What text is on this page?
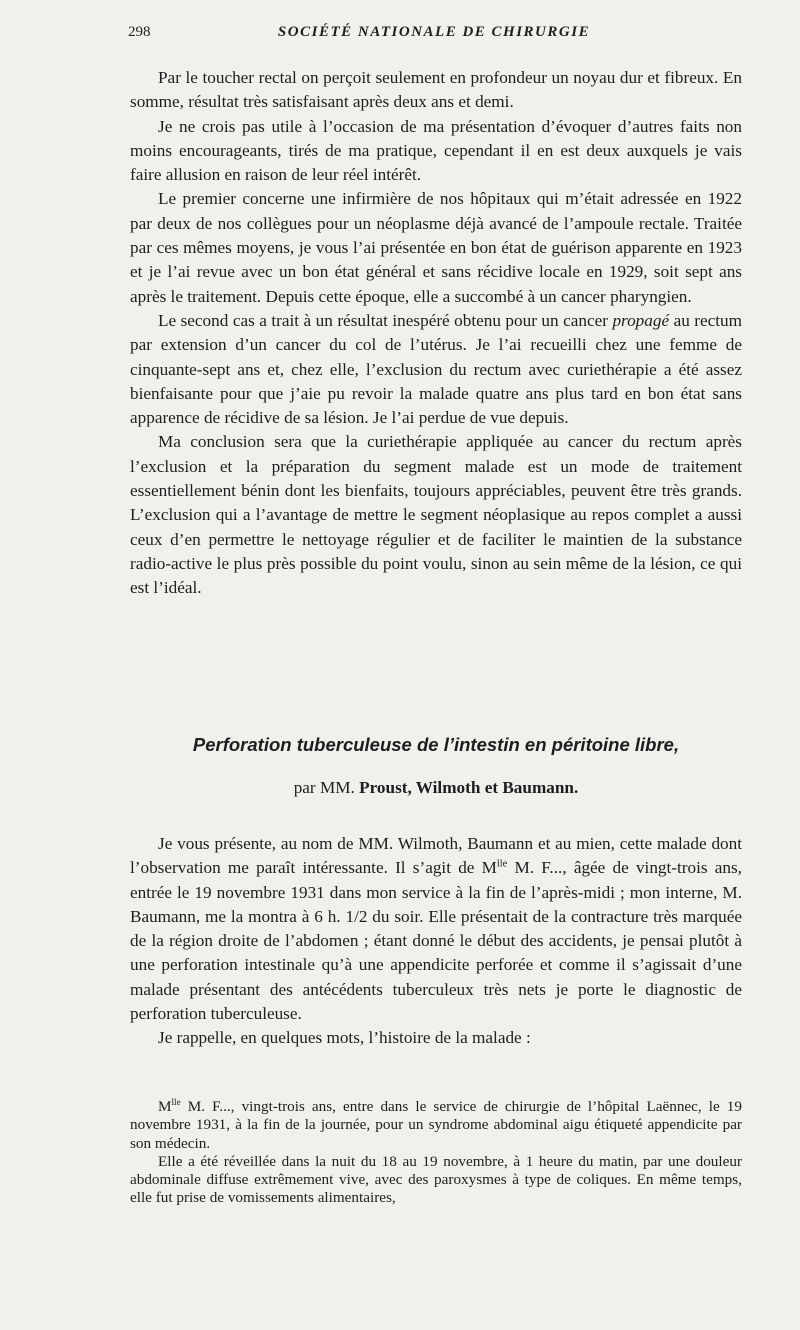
298	SOCIÉTÉ NATIONALE DE CHIRURGIE

Par le toucher rectal on perçoit seulement en profondeur un noyau dur et fibreux. En somme, résultat très satisfaisant après deux ans et demi.

Je ne crois pas utile à l’occasion de ma présentation d’évoquer d’autres faits non moins encourageants, tirés de ma pratique, cependant il en est deux auxquels je vais faire allusion en raison de leur réel intérêt.

Le premier concerne une infirmière de nos hôpitaux qui m’était adressée en 1922 par deux de nos collègues pour un néoplasme déjà avancé de l’ampoule rectale. Traitée par ces mêmes moyens, je vous l’ai présentée en bon état de guérison apparente en 1923 et je l’ai revue avec un bon état général et sans récidive locale en 1929, soit sept ans après le traitement. Depuis cette époque, elle a succombé à un cancer pharyngien.

Le second cas a trait à un résultat inespéré obtenu pour un cancer propagé au rectum par extension d’un cancer du col de l’utérus. Je l’ai recueilli chez une femme de cinquante-sept ans et, chez elle, l’exclusion du rectum avec curiethérapie a été assez bienfaisante pour que j’aie pu revoir la malade quatre ans plus tard en bon état sans apparence de récidive de sa lésion. Je l’ai perdue de vue depuis.

Ma conclusion sera que la curiethérapie appliquée au cancer du rectum après l’exclusion et la préparation du segment malade est un mode de traitement essentiellement bénin dont les bienfaits, toujours appréciables, peuvent être très grands. L’exclusion qui a l’avantage de mettre le segment néoplasique au repos complet a aussi ceux d’en permettre le nettoyage régulier et de faciliter le maintien de la substance radio-active le plus près possible du point voulu, sinon au sein même de la lésion, ce qui est l’idéal.

Perforation tuberculeuse de l’intestin en péritoine libre,
par MM. Proust, Wilmoth et Baumann.

Je vous présente, au nom de MM. Wilmoth, Baumann et au mien, cette malade dont l’observation me paraît intéressante. Il s’agit de $M^{lle}$ M. F..., âgée de vingt-trois ans, entrée le 19 novembre 1931 dans mon service à la fin de l’après-midi ; mon interne, M. Baumann, me la montra à 6 h. 1/2 du soir. Elle présentait de la contracture très marquée de la région droite de l’abdomen ; étant donné le début des accidents, je pensai plutôt à une perforation intestinale qu’à une appendicite perforée et comme il s’agissait d’une malade présentant des antécédents tuberculeux très nets je porte le diagnostic de perforation tuberculeuse.

Je rappelle, en quelques mots, l’histoire de la malade :

$M^{lle}$ M. F..., vingt-trois ans, entre dans le service de chirurgie de l’hôpital Laënnec, le 19 novembre 1931, à la fin de la journée, pour un syndrome abdominal aigu étiqueté appendicite par son médecin.

Elle a été réveillée dans la nuit du 18 au 19 novembre, à 1 heure du matin, par une douleur abdominale diffuse extrêmement vive, avec des paroxysmes à type de coliques. En même temps, elle fut prise de vomissements alimentaires,
